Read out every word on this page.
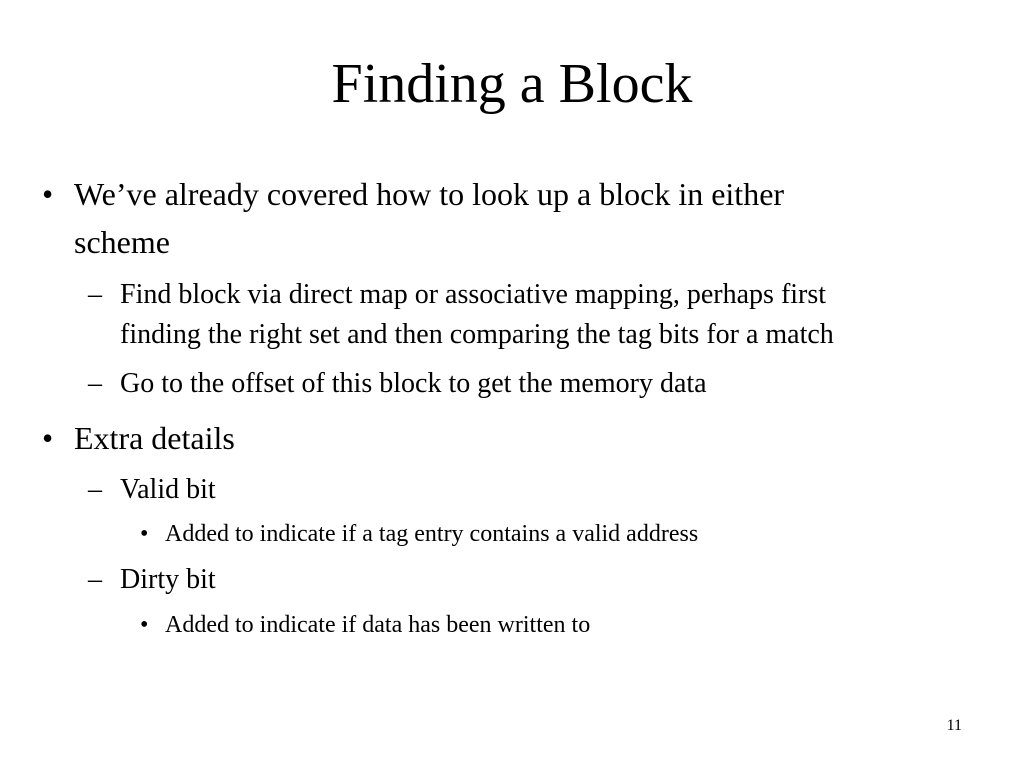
Finding a Block
• We’ve already covered how to look up a block in either
scheme
– Find block via direct map or associative mapping, perhaps first
finding the right set and then comparing the tag bits for a match
– Go to the offset of this block to get the memory data
• Extra details
– Valid bit
• Added to indicate if a tag entry contains a valid address
– Dirty bit
• Added to indicate if data has been written to
11
